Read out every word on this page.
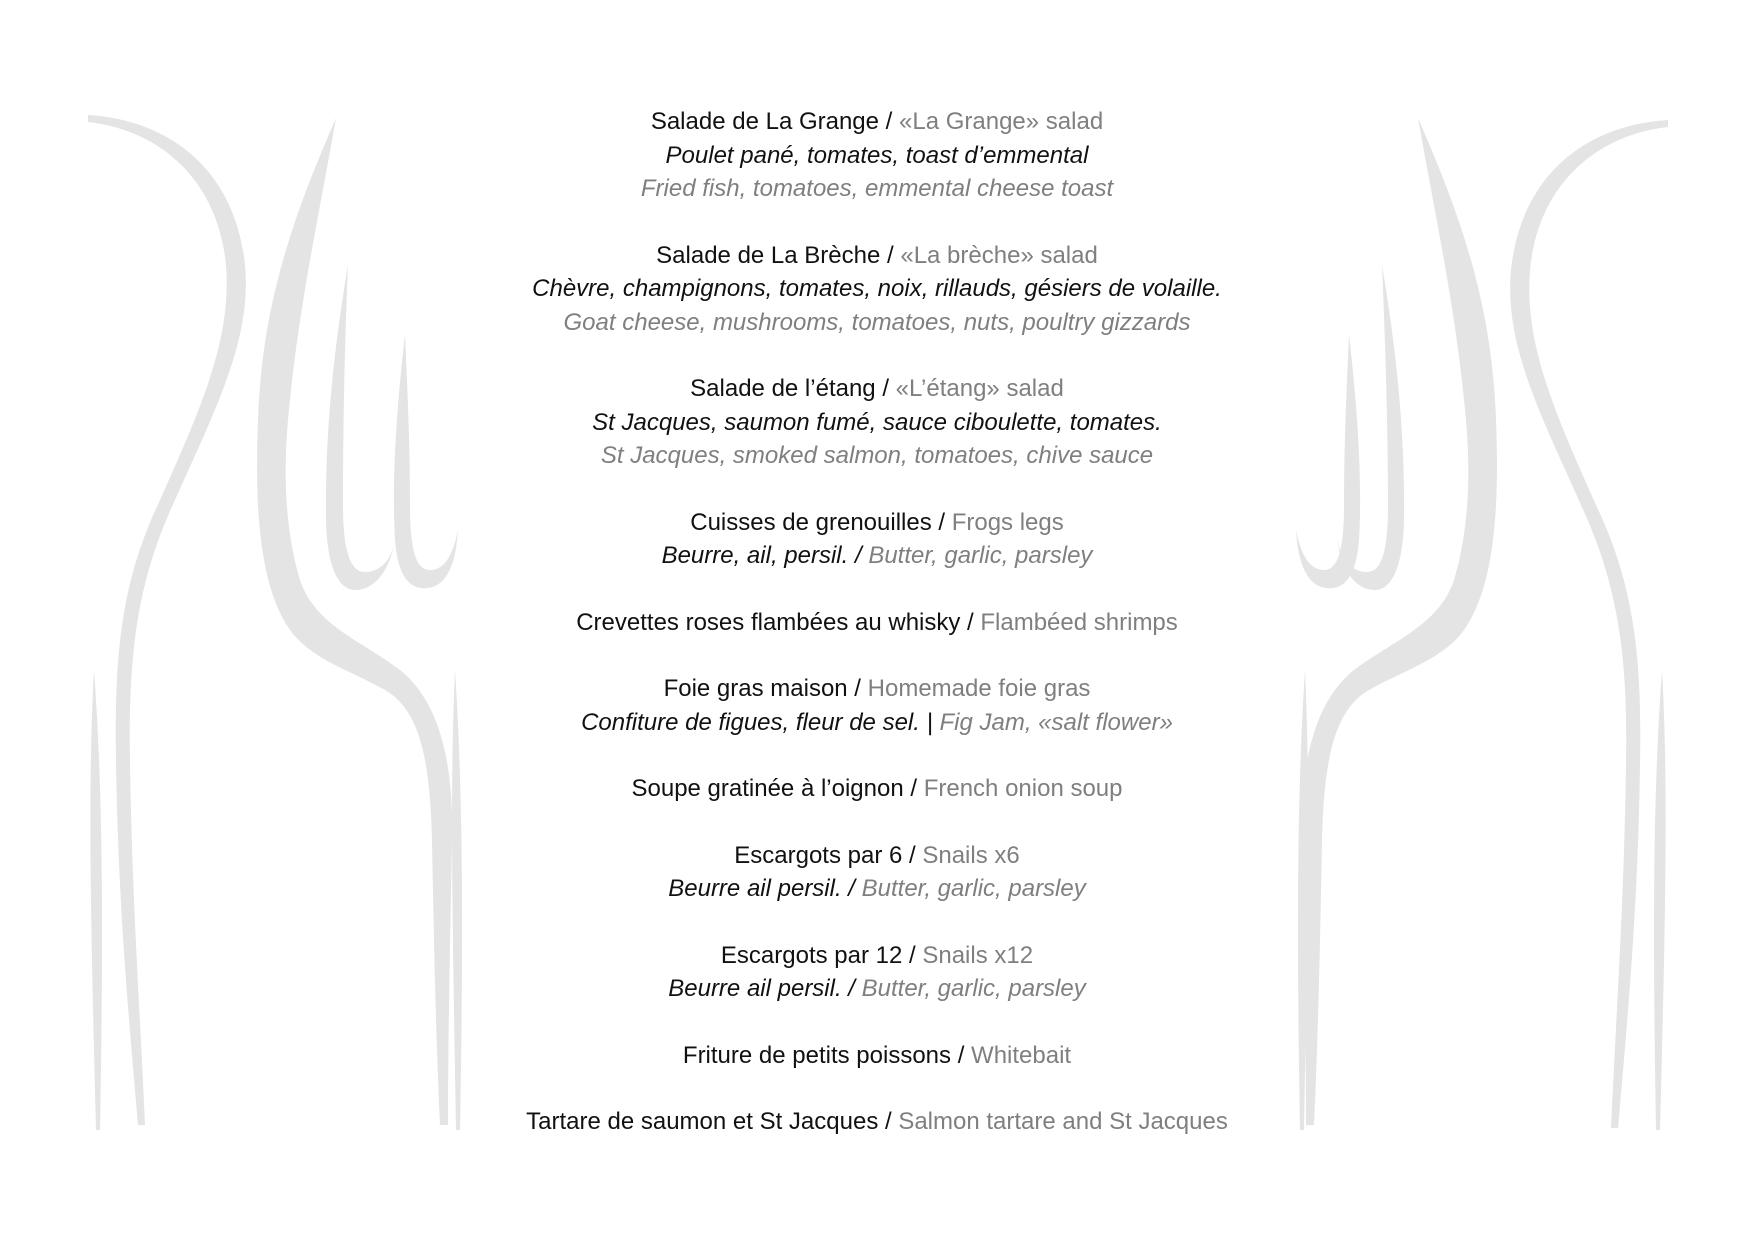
Salade de La Grange / «La Grange» salad
Poulet pané, tomates, toast d’emmental
Fried fish, tomatoes, emmental cheese toast
Salade de La Brèche / «La brèche» salad
Chèvre, champignons, tomates, noix, rillauds, gésiers de volaille.
Goat cheese, mushrooms, tomatoes, nuts, poultry gizzards
Salade de l’étang / «L’étang» salad
St Jacques, saumon fumé, sauce ciboulette, tomates.
St Jacques, smoked salmon, tomatoes, chive sauce
Cuisses de grenouilles / Frogs legs
Beurre, ail, persil. / Butter, garlic, parsley
Crevettes roses flambées au whisky / Flambéed shrimps
Foie gras maison / Homemade foie gras
Confiture de figues, fleur de sel. | Fig Jam, «salt flower»
Soupe gratinée à l’oignon / French onion soup
Escargots par 6 / Snails x6
Beurre ail persil. / Butter, garlic, parsley
Escargots par 12 / Snails x12
Beurre ail persil. / Butter, garlic, parsley
Friture de petits poissons / Whitebait
Tartare de saumon et St Jacques / Salmon tartare and St Jacques
